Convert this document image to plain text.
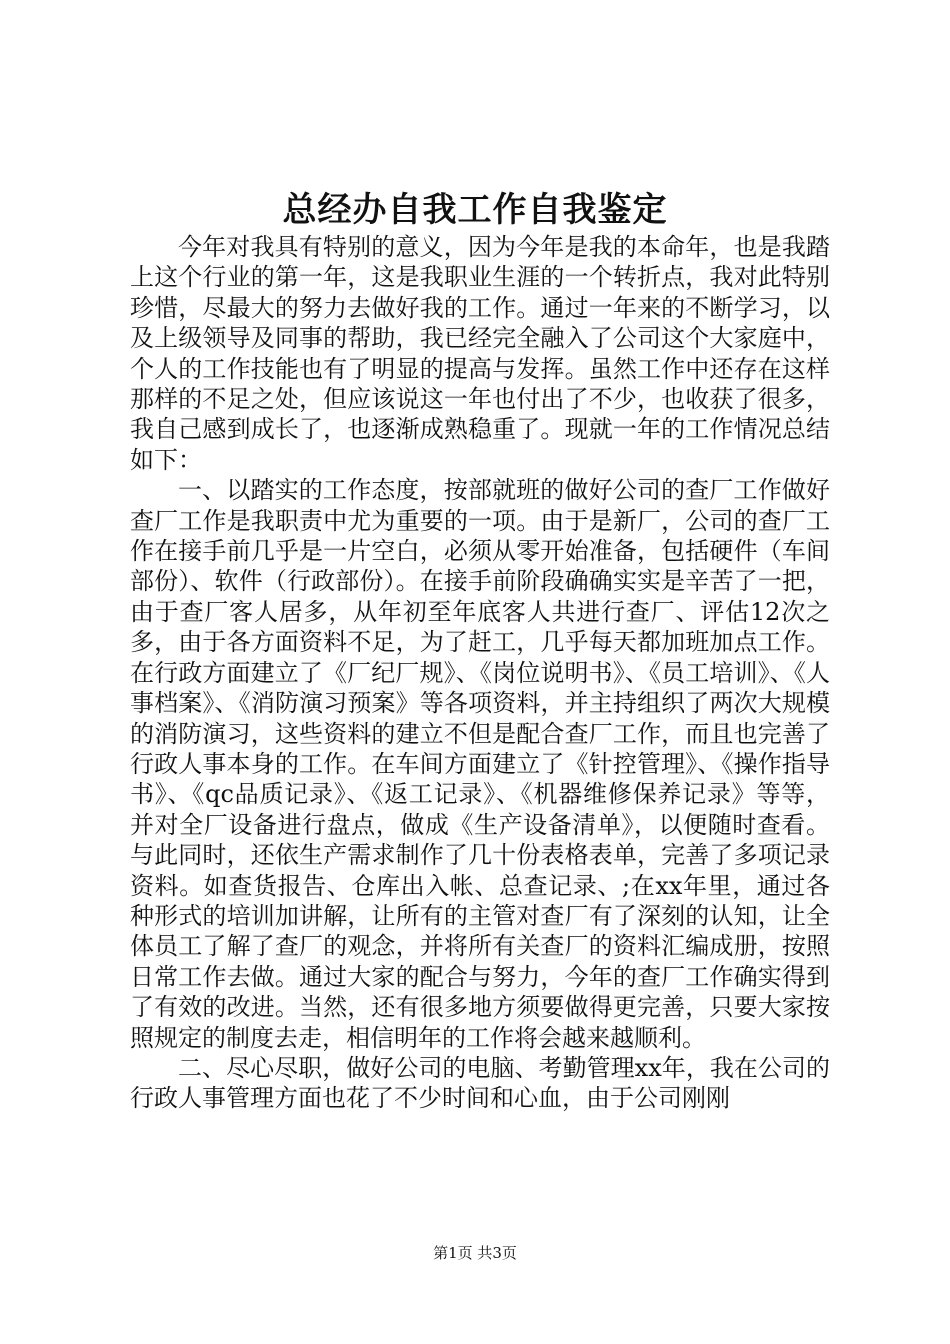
总经办自我工作自我鉴定

今年对我具有特别的意义，因为今年是我的本命年，也是我踏上这个行业的第一年，这是我职业生涯的一个转折点，我对此特别珍惜，尽最大的努力去做好我的工作。通过一年来的不断学习，以及上级领导及同事的帮助，我已经完全融入了公司这个大家庭中，个人的工作技能也有了明显的提高与发挥。虽然工作中还存在这样那样的不足之处，但应该说这一年也付出了不少，也收获了很多，我自己感到成长了，也逐渐成熟稳重了。现就一年的工作情况总结如下：

一、以踏实的工作态度，按部就班的做好公司的查厂工作做好查厂工作是我职责中尤为重要的一项。由于是新厂，公司的查厂工作在接手前几乎是一片空白，必须从零开始准备，包括硬件（车间部份）、软件（行政部份）。在接手前阶段确确实实是辛苦了一把，由于查厂客人居多，从年初至年底客人共进行查厂、评估12次之多，由于各方面资料不足，为了赶工，几乎每天都加班加点工作。在行政方面建立了《厂纪厂规》、《岗位说明书》、《员工培训》、《人事档案》、《消防演习预案》等各项资料，并主持组织了两次大规模的消防演习，这些资料的建立不但是配合查厂工作，而且也完善了行政人事本身的工作。在车间方面建立了《针控管理》、《操作指导书》、《qc品质记录》、《返工记录》、《机器维修保养记录》等等，并对全厂设备进行盘点，做成《生产设备清单》，以便随时查看。与此同时，还依生产需求制作了几十份表格表单，完善了多项记录资料。如查货报告、仓库出入帐、总查记录、;在xx年里，通过各种形式的培训加讲解，让所有的主管对查厂有了深刻的认知，让全体员工了解了查厂的观念，并将所有关查厂的资料汇编成册，按照日常工作去做。通过大家的配合与努力，今年的查厂工作确实得到了有效的改进。当然，还有很多地方须要做得更完善，只要大家按照规定的制度去走，相信明年的工作将会越来越顺利。

二、尽心尽职，做好公司的电脑、考勤管理xx年，我在公司的行政人事管理方面也花了不少时间和心血，由于公司刚刚

第1页 共3页
